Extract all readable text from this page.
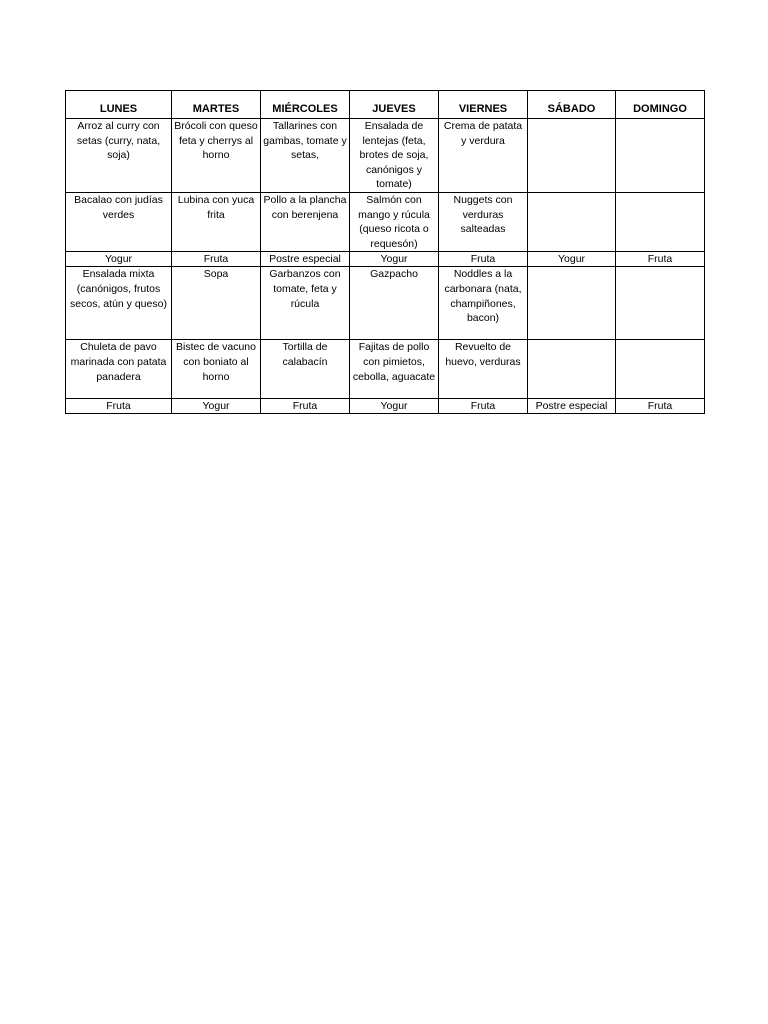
LUNES	MARTES	MIÉRCOLES	JUEVES	VIERNES	SÁBADO	DOMINGO
Arroz al curry con setas (curry, nata, soja)	Brócoli con queso feta y cherrys al horno	Tallarines con gambas, tomate y setas,	Ensalada de lentejas (feta, brotes de soja, canónigos y tomate)	Crema de patata y verdura		
Bacalao con judías verdes	Lubina con yuca frita	Pollo a la plancha con berenjena	Salmón con mango y rúcula (queso ricota o requesón)	Nuggets con verduras salteadas		
Yogur	Fruta	Postre especial	Yogur	Fruta	Yogur	Fruta
Ensalada mixta (canónigos, frutos secos, atún y queso)	Sopa	Garbanzos con tomate, feta y rúcula	Gazpacho	Noddles a la carbonara (nata, champiñones, bacon)		
Chuleta de pavo marinada con patata panadera	Bistec de vacuno con boniato al horno	Tortilla de calabacín	Fajitas de pollo con pimietos, cebolla, aguacate	Revuelto de huevo, verduras		
Fruta	Yogur	Fruta	Yogur	Fruta	Postre especial	Fruta
